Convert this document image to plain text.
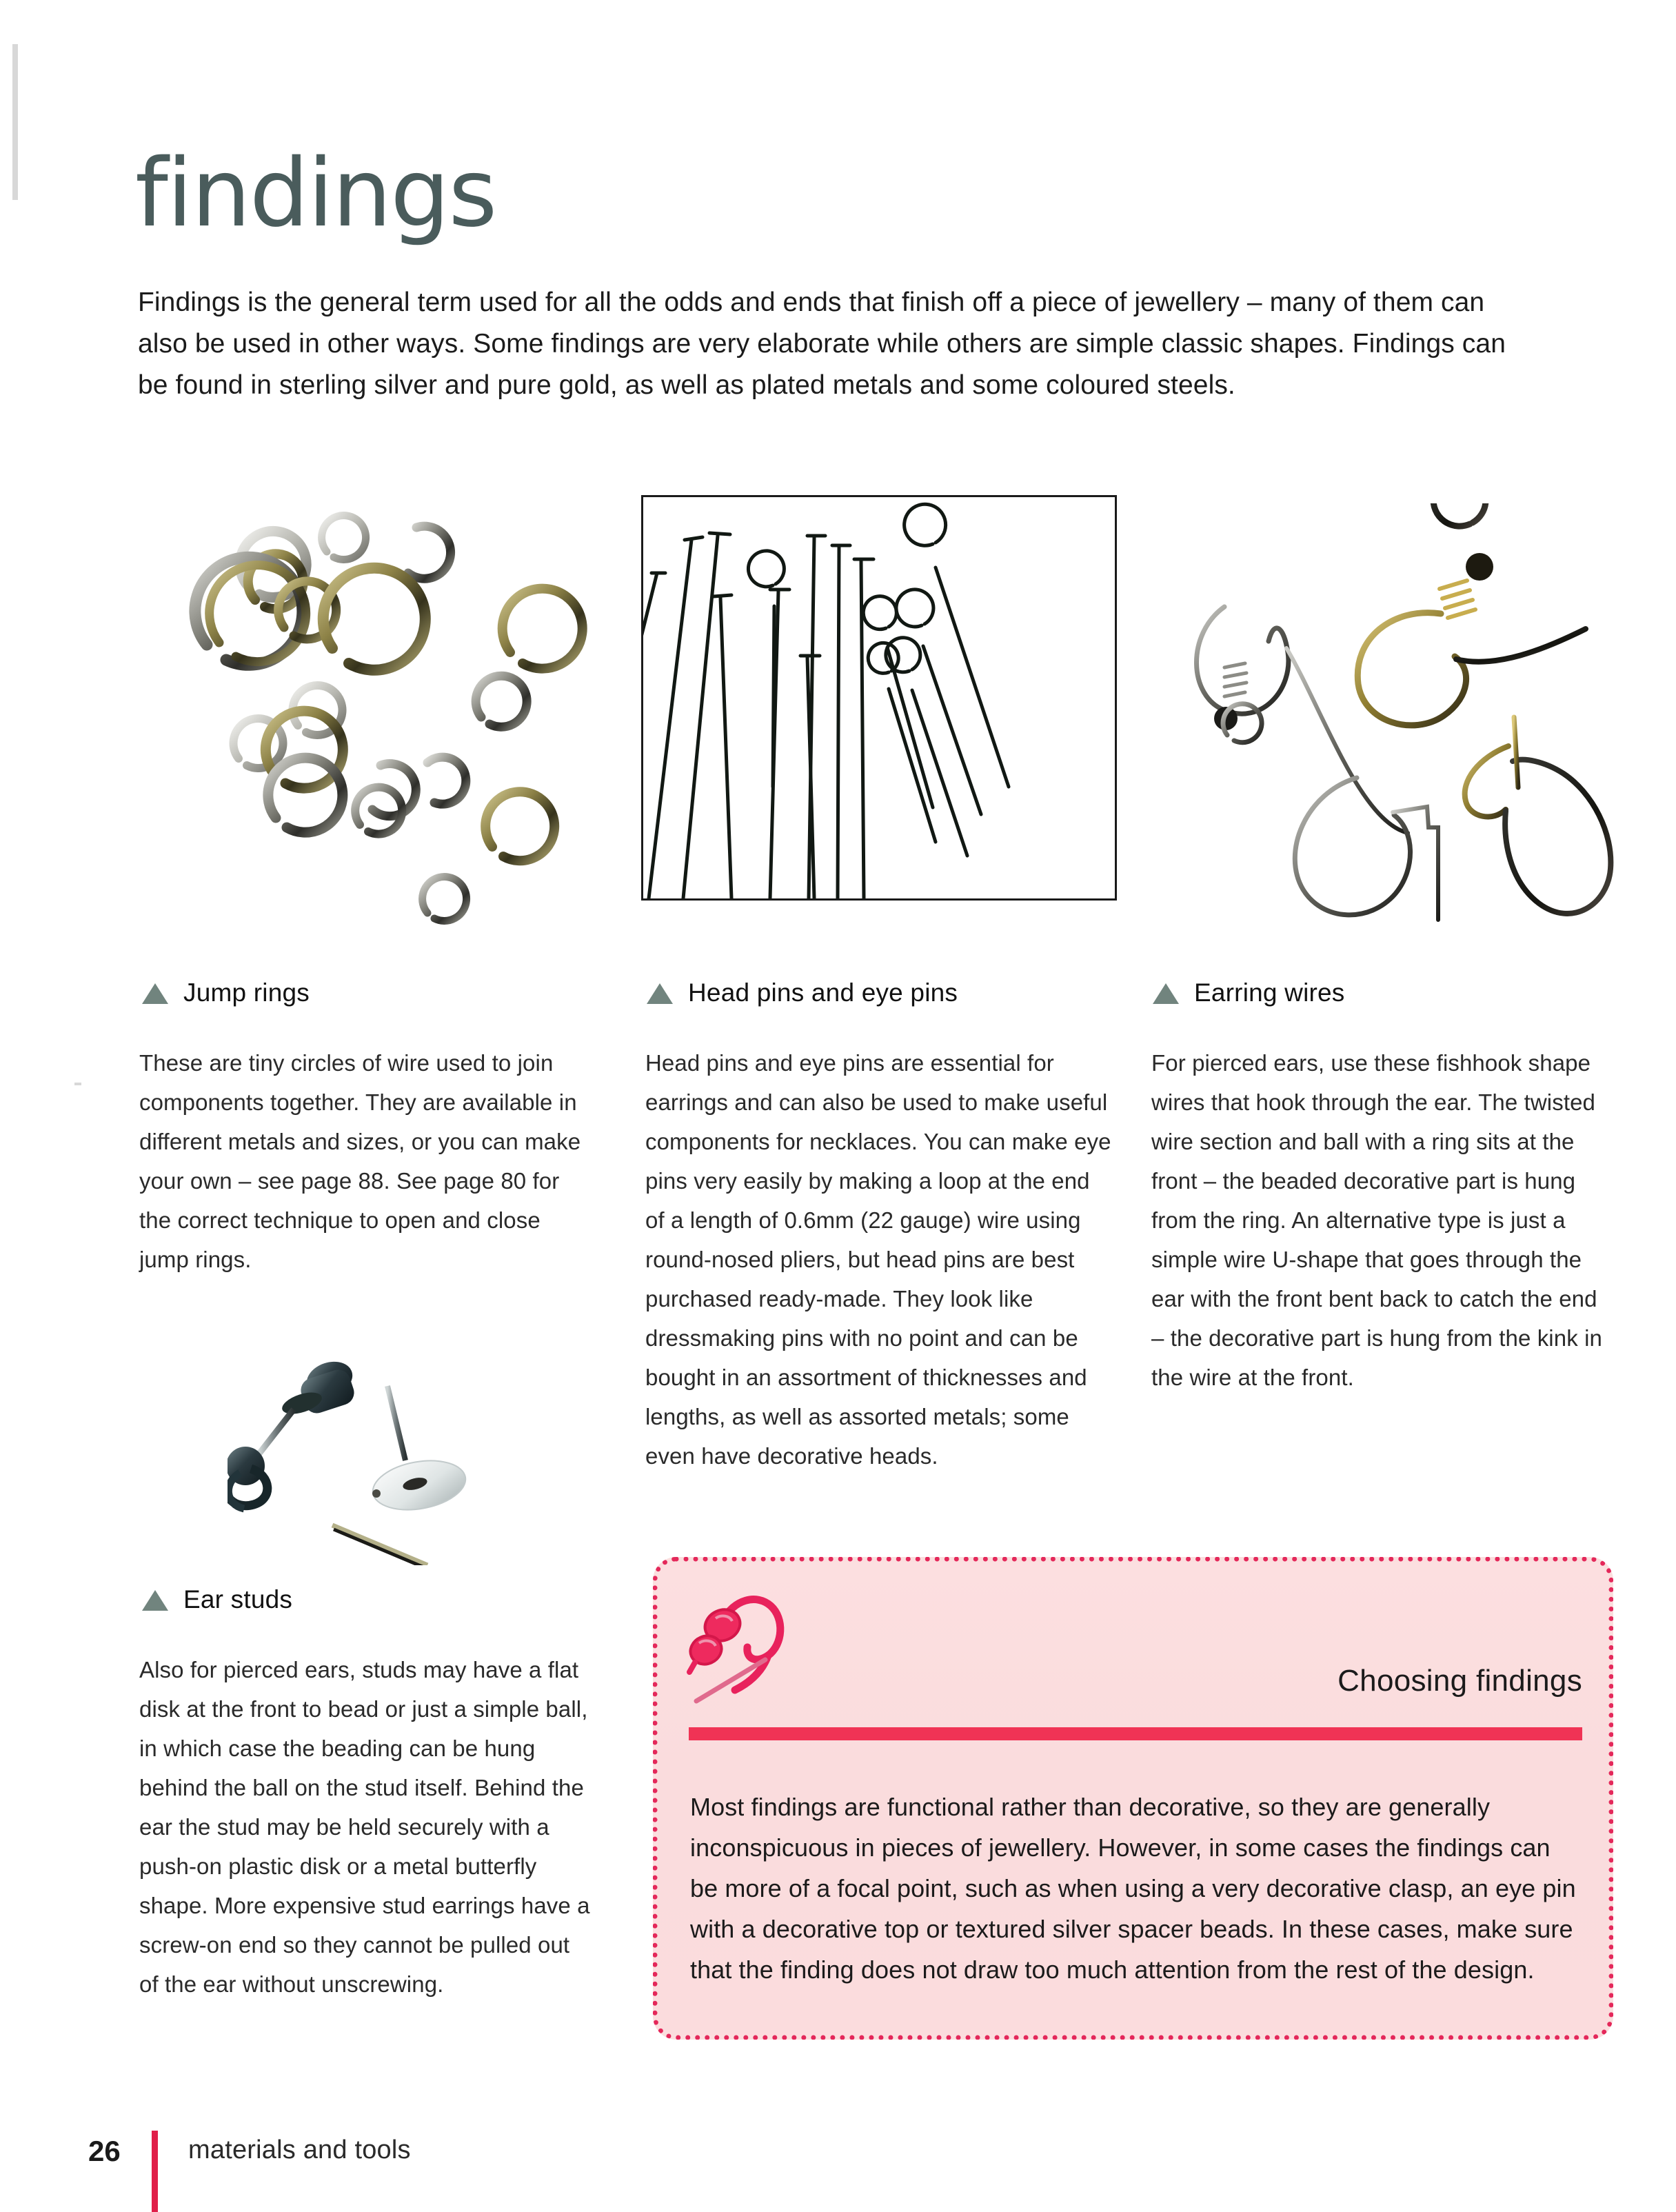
findings

Findings is the general term used for all the odds and ends that finish off a piece of jewellery – many of them can also be used in other ways. Some findings are very elaborate while others are simple classic shapes. Findings can be found in sterling silver and pure gold, as well as plated metals and some coloured steels.

Jump rings	Head pins and eye pins	Earring wires

These are tiny circles of wire used to join components together. They are available in different metals and sizes, or you can make your own – see page 88. See page 80 for the correct technique to open and close jump rings.

Head pins and eye pins are essential for earrings and can also be used to make useful components for necklaces. You can make eye pins very easily by making a loop at the end of a length of 0.6mm (22 gauge) wire using round-nosed pliers, but head pins are best purchased ready-made. They look like dressmaking pins with no point and can be bought in an assortment of thicknesses and lengths, as well as assorted metals; some even have decorative heads.

For pierced ears, use these fishhook shape wires that hook through the ear. The twisted wire section and ball with a ring sits at the front – the beaded decorative part is hung from the ring. An alternative type is just a simple wire U-shape that goes through the ear with the front bent back to catch the end – the decorative part is hung from the kink in the wire at the front.

Ear studs

Also for pierced ears, studs may have a flat disk at the front to bead or just a simple ball, in which case the beading can be hung behind the ball on the stud itself. Behind the ear the stud may be held securely with a push-on plastic disk or a metal butterfly shape. More expensive stud earrings have a screw-on end so they cannot be pulled out of the ear without unscrewing.

Choosing findings

Most findings are functional rather than decorative, so they are generally inconspicuous in pieces of jewellery. However, in some cases the findings can be more of a focal point, such as when using a very decorative clasp, an eye pin with a decorative top or textured silver spacer beads. In these cases, make sure that the finding does not draw too much attention from the rest of the design.

26	materials and tools
